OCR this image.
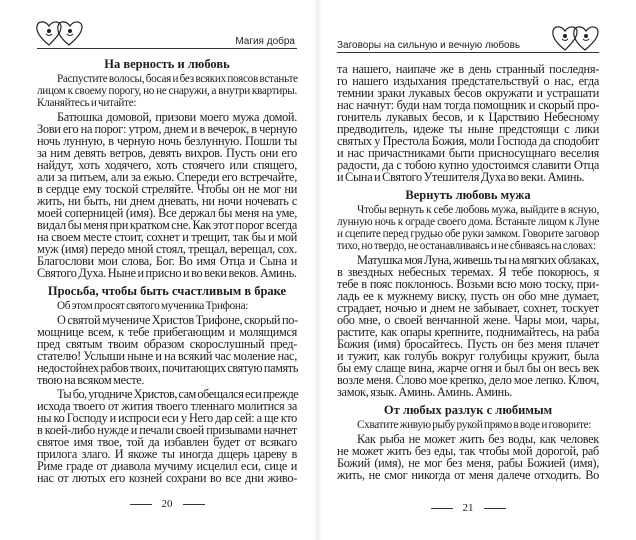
Магия добра
На верность и любовь
Распустите волосы, босая и без всяких поясов встаньте
лицом к своему порогу, но не снаружи, а внутри квартиры.
Кланяйтесь и читайте:
Батюшка домовой, призови моего мужа домой.
Зови его на порог: утром, днем и в вечерок, в черную
ночь лунную, в черную ночь безлунную. Пошли ты
за ним девять ветров, девять вихров. Пусть они его
найдут, хоть ходячего, хоть стоячего или спящего,
али за питьем, али за ежью. Спереди его встречайте,
в сердце ему тоской стреляйте. Чтобы он не мог ни
жить, ни быть, ни днем дневать, ни ночи ночевать с
моей соперницей (имя). Все держал бы меня на уме,
видал бы меня при кратком сне. Как этот порог всегда
на своем месте стоит, сохнет и трещит, так бы и мой
муж (имя) передо мной стоял, трещал, верещал, сох.
Благослови мои слова, Бог. Во имя Отца и Сына и
Святого Духа. Ныне и присно и во веки веков. Аминь.
Просьба, чтобы быть счастливым в браке
Об этом просят святого мученика Трифона:
О святой мучениче Христов Трифоне, скорый по-
мощнице всем, к тебе прибегающим и молящимся
пред святым твоим образом скорослушный пред-
стателю! Услыши ныне и на всякий час моление нас,
недостойнех рабов твоих, почитающих святую память
твою на всяком месте.
Ты бо, угодниче Христов, сам обещался еси прежде
исхода твоего от жития твоего тленнаго молитися за
ны ко Господу и испроси еси у Него дар сей: а ще кто
в коей-либо нужде и печали своей призывами начнет
святое имя твое, той да избавлен будет от всякаго
прилога злаго. И якоже ты иногда дщерь цареву в
Риме граде от диавола мучиму исцелил еси, сице и
нас от лютых его козней сохрани во все дни живо-
20
Заговоры на сильную и вечную любовь
та нашего, наипаче же в день странный последня-
го нашего издыхания предстательствуй о нас, егда
темнии зраки лукавых бесов окружати и устрашати
нас начнут: буди нам тогда помощник и скорый про-
гонитель лукавых бесов, и к Царствию Небесному
предводитель, идеже ты ныне предстоящи с лики
святых у Престола Божия, моли Господа да сподобит
и нас причастниками быти присносущнаго веселия
радости, да с тобою купно удостоимся славити Отца
и Сына и Святого Утешителя Духа во веки. Аминь.
Вернуть любовь мужа
Чтобы вернуть к себе любовь мужа, выйдите в ясную,
лунную ночь к ограде своего дома. Встаньте лицом к Луне
и сцепите перед грудью обе руки замком. Говорите заговор
тихо, но твердо, не останавливаясь и не сбиваясь на словах:
Матушка моя Луна, живешь ты на мягких облаках,
в звездных небесных теремах. Я тебе покорюсь, я
тебе в пояс поклонюсь. Возьми всю мою тоску, при-
ладь ее к мужнему виску, пусть он обо мне думает,
страдает, ночью и днем не забывает, сохнет, тоскует
обо мне, о своей венчанной жене. Чары мои, чары,
растите, как опары крепните, поднимайтесь, на раба
Божия (имя) бросайтесь. Пусть он без меня плачет
и тужит, как голубь вокруг голубицы кружит, была
бы ему слаще вина, жарче огня и был бы он весь век
возле меня. Слово мое крепко, дело мое лепко. Ключ,
замок, язык. Аминь. Аминь. Аминь.
От любых разлук с любимым
Схватите живую рыбу рукой прямо в воде и говорите:
Как рыба не может жить без воды, как человек
не может жить без еды, так чтобы мой дорогой, раб
Божий (имя), не мог без меня, рабы Божией (имя),
жить, не смог никогда от меня далече отходить. Во
21
